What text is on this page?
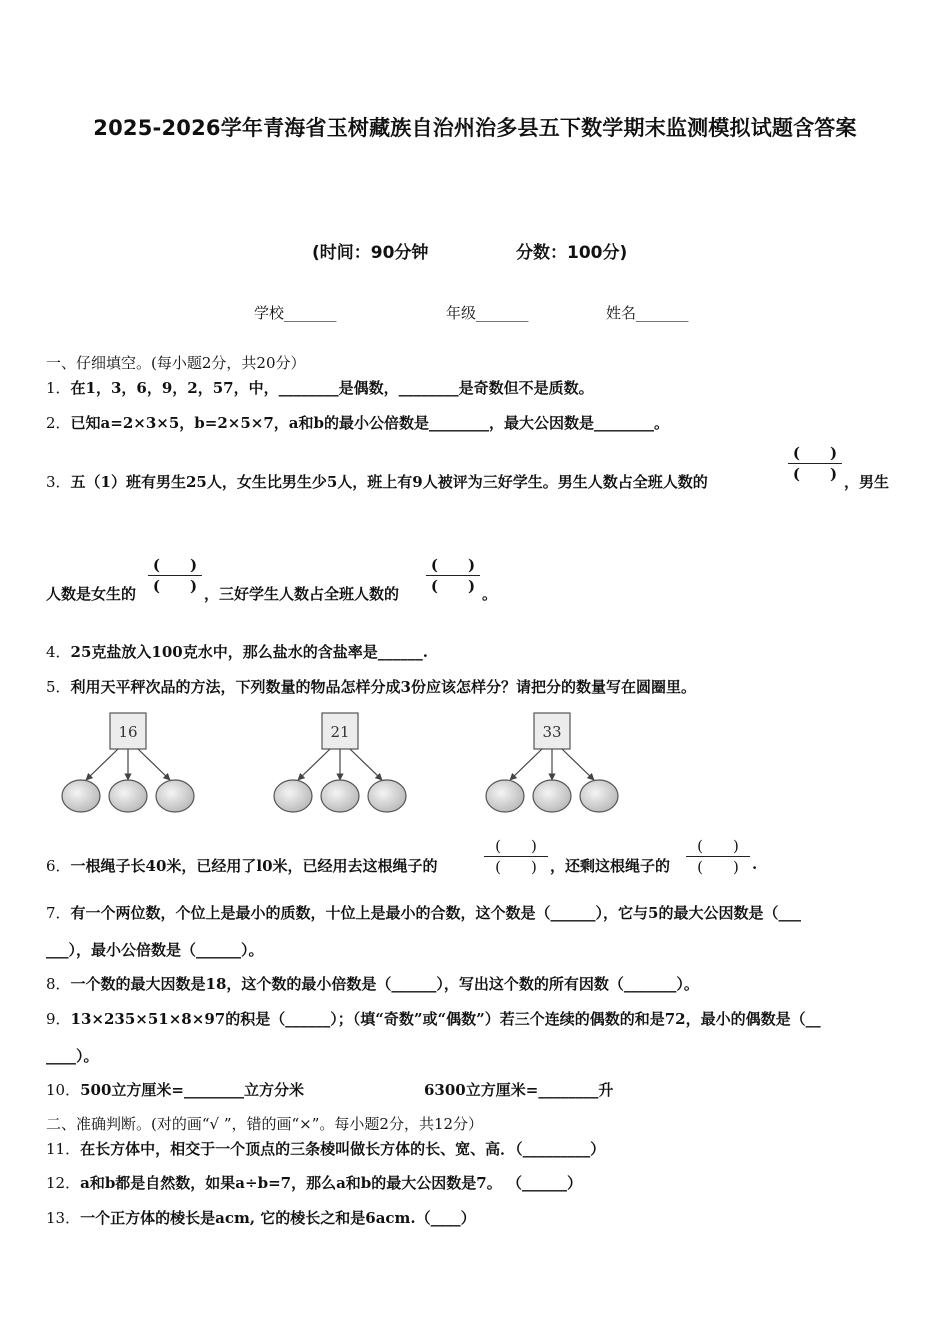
2025-2026学年青海省玉树藏族自治州治多县五下数学期末监测模拟试题含答案
(时间：90分钟	分数：100分)
学校_______	年级_______	姓名_______
一、仔细填空。(每小题2分，共20分）
1．在1，3，6，9，2，57，中，________是偶数，________是奇数但不是质数。
2．已知a=2×3×5，b=2×5×7，a和b的最小公倍数是________，最大公因数是________。
3．五（1）班有男生25人，女生比男生少5人，班上有9人被评为三好学生。男生人数占全班人数的
(　　)
(　　) ，男生
人数是女生的
(　　)
(　　) ，三好学生人数占全班人数的
(　　)
(　　) 。
4．25克盐放入100克水中，那么盐水的含盐率是______.
5．利用天平秤次品的方法，下列数量的物品怎样分成3份应该怎样分？请把分的数量写在圆圈里。
16	21	33
6．一根绳子长40米，已经用了l0米，已经用去这根绳子的
(　　)
(　　) ，还剩这根绳子的
(　　)
(　　) .
7．有一个两位数，个位上是最小的质数，十位上是最小的合数，这个数是（______），它与5的最大公因数是（___
___），最小公倍数是（______）。
8．一个数的最大因数是18，这个数的最小倍数是（______），写出这个数的所有因数（_______）。
9．13×235×51×8×97的积是（______）；（填“奇数”或“偶数”）若三个连续的偶数的和是72，最小的偶数是（__
____）。
10．500立方厘米=________立方分米	6300立方厘米=________升
二、准确判断。(对的画“√ ”，错的画“×”。每小题2分，共12分）
11．在长方体中，相交于一个顶点的三条棱叫做长方体的长、宽、高．（_________）
12．a和b都是自然数，如果a÷b=7，那么a和b的最大公因数是7。 （______）
13．一个正方体的棱长是acm, 它的棱长之和是6acm.（____）
